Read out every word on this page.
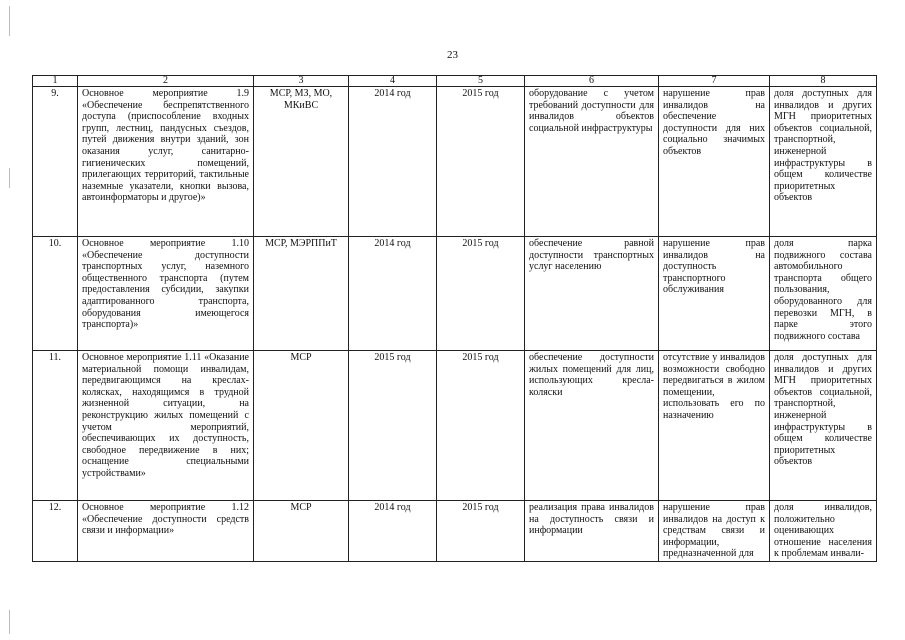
23
1	2	3	4	5	6	7	8
9.	Основное мероприятие 1.9 «Обеспечение беспрепятственного доступа (приспособление входных групп, лестниц, пандусных съездов, путей движения внутри зданий, зон оказания услуг, санитарно-гигиенических помещений, прилегающих территорий, тактильные наземные указатели, кнопки вызова, автоинформаторы и другое)»	МСР, МЗ, МО, МКиВС	2014 год	2015 год	оборудование с учетом требований доступности для инвалидов объектов социальной инфраструктуры	нарушение прав инвалидов на обеспечение доступности для них социально значимых объектов	доля доступных для инвалидов и других МГН приоритетных объектов социальной, транспортной, инженерной инфраструктуры в общем количестве приоритетных объектов
10.	Основное мероприятие 1.10 «Обеспечение доступности транспортных услуг, наземного общественного транспорта (путем предоставления субсидии, закупки адаптированного транспорта, оборудования имеющегося транспорта)»	МСР, МЭРППиТ	2014 год	2015 год	обеспечение равной доступности транспортных услуг населению	нарушение прав инвалидов на доступность транспортного обслуживания	доля парка подвижного состава автомобильного транспорта общего пользования, оборудованного для перевозки МГН, в парке этого подвижного состава
11.	Основное мероприятие 1.11 «Оказание материальной помощи инвалидам, передвигающимся на креслах-колясках, находящимся в трудной жизненной ситуации, на реконструкцию жилых помещений с учетом мероприятий, обеспечивающих их доступность, свободное передвижение в них; оснащение специальными устройствами»	МСР	2015 год	2015 год	обеспечение доступности жилых помещений для лиц, использующих кресла-коляски	отсутствие у инвалидов возможности свободно передвигаться в жилом помещении, использовать его по назначению	доля доступных для инвалидов и других МГН приоритетных объектов социальной, транспортной, инженерной инфраструктуры в общем количестве приоритетных объектов
12.	Основное мероприятие 1.12 «Обеспечение доступности средств связи и информации»	МСР	2014 год	2015 год	реализация права инвалидов на доступность связи и информации	нарушение прав инвалидов на доступ к средствам связи и информации, предназначенной для	доля инвалидов, положительно оценивающих отношение населения к проблемам инвали-
